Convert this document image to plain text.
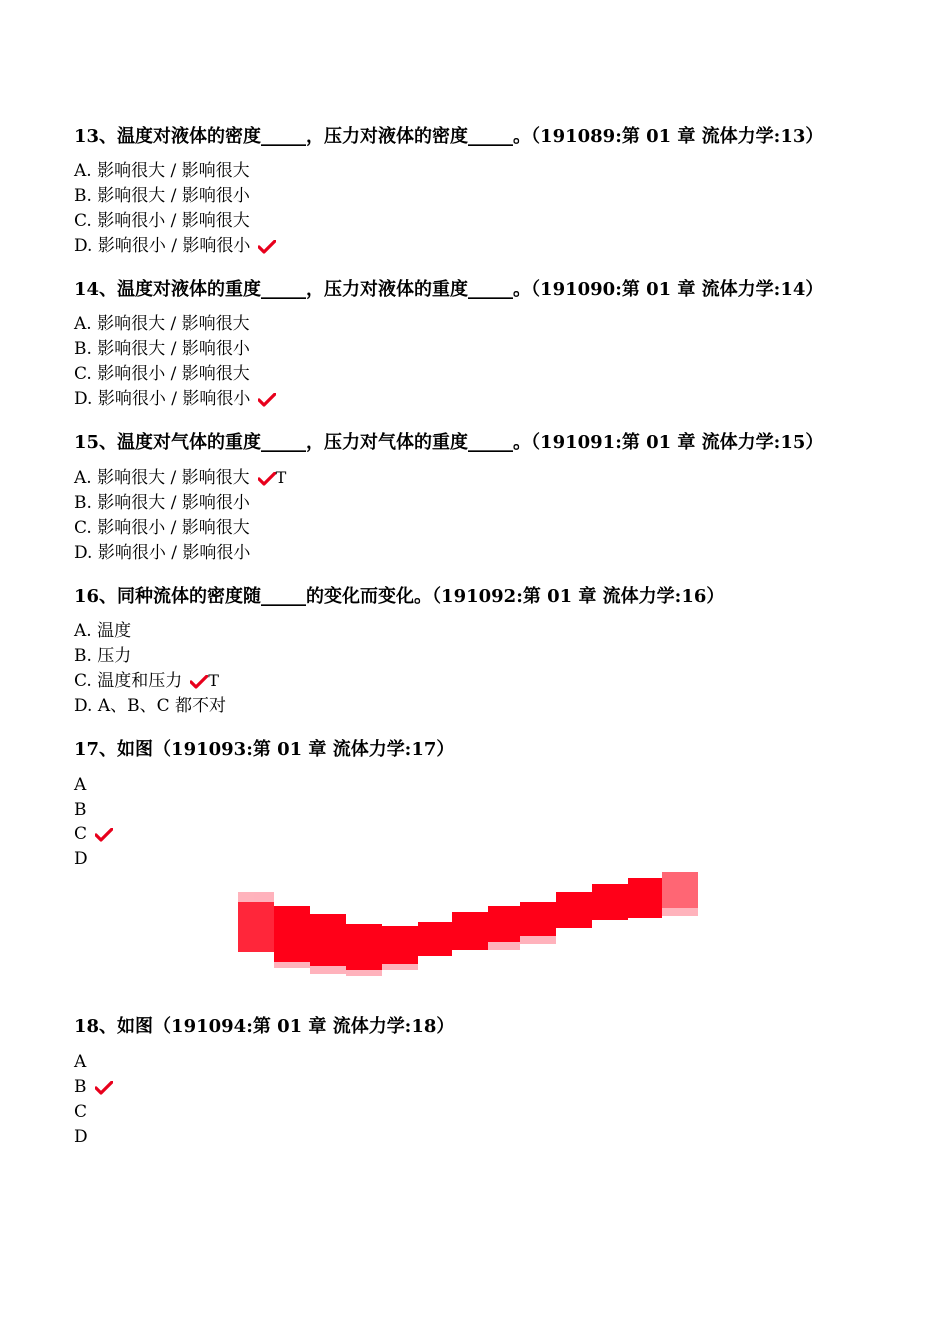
13、温度对液体的密度_____，压力对液体的密度_____。（191089:第 01 章 流体力学:13）
A. 影响很大 / 影响很大
B. 影响很大 / 影响很小
C. 影响很小 / 影响很大
D. 影响很小 / 影响很小
14、温度对液体的重度_____，压力对液体的重度_____。（191090:第 01 章 流体力学:14）
A. 影响很大 / 影响很大
B. 影响很大 / 影响很小
C. 影响很小 / 影响很大
D. 影响很小 / 影响很小
15、温度对气体的重度_____，压力对气体的重度_____。（191091:第 01 章 流体力学:15）
A. 影响很大 / 影响很大 T
B. 影响很大 / 影响很小
C. 影响很小 / 影响很大
D. 影响很小 / 影响很小
16、同种流体的密度随_____的变化而变化。（191092:第 01 章 流体力学:16）
A. 温度
B. 压力
C. 温度和压力 T
D. A、B、C 都不对
17、如图（191093:第 01 章 流体力学:17）
A
B
C
D
18、如图（191094:第 01 章 流体力学:18）
A
B
C
D
